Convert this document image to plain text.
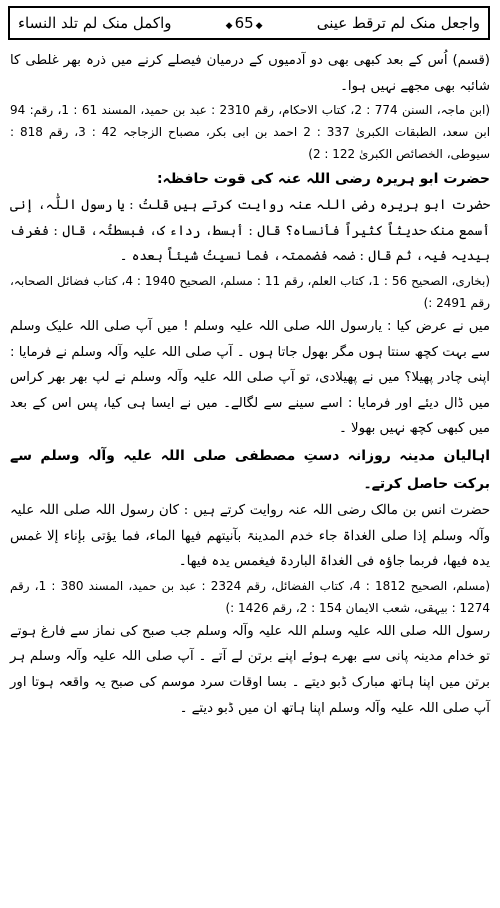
واجعل منک لم ترقط عینی
◆ 65 ◆
واکمل منک لم تلد النساء

(قسم) اُس کے بعد کبھی بھی دو آدمیوں کے درمیان فیصلے کرنے میں ذرہ بھر غلطی کا شائبہ بھی مجھے نہیں ہوا۔

(ابن ماجہ، السنن 774 : 2، کتاب الاحکام، رقم 2310 : عبد بن حمید، المسند 61 : 1، رقم: 94 ابن سعد، الطبقات الکبریٰ 337 : 2 احمد بن ابی بکر، مصباح الزجاجہ 42 : 3، رقم 818 : سیوطی، الخصائص الکبریٰ 122 : 2)

حضرت ابو ہریرہ رضی اللہ عنہ کی قوت حافظہ:

حضرت ابو ہریرہ رضی اللہ عنہ روایت کرتے ہیں قلتُ : یا رسول اللّٰہ، إنی أسمع منک حدیثاً کثیراً فأنساہ؟ قال : أبسط، رداء ک، فبسطتُہ، قال : فغرف بیدیہ فیہ، ثم قال : ضمہ فضممتہ، فما نسیتُ شیئاً بعدہ ۔

(بخاری، الصحیح 56 : 1، کتاب العلم، رقم 11 : مسلم، الصحیح 1940 : 4، کتاب فضائل الصحابہ، رقم 2491 :)

میں نے عرض کیا : یارسول اللہ صلی اللہ علیہ وسلم ! میں آپ صلی اللہ علیک وسلم سے بہت کچھ سنتا ہوں مگر بھول جاتا ہوں ۔ آپ صلی اللہ علیہ وآلہ وسلم نے فرمایا : اپنی چادر پھیلا؟ میں نے پھیلادی، تو آپ صلی اللہ علیہ وآلہ وسلم نے لپ بھر بھر کراس میں ڈال دیئے اور فرمایا : اسے سینے سے لگالے۔ میں نے ایسا ہی کیا، پس اس کے بعد میں کبھی کچھ نہیں بھولا ۔

اہالیان مدینہ روزانہ دستِ مصطفی صلی اللہ علیہ وآلہ وسلم سے برکت حاصل کرتے۔

حضرت انس بن مالک رضی اللہ عنہ روایت کرتے ہیں : کان رسول اللہ صلی اللہ علیہ وآلہ وسلم إذا صلی الغداۃ جاء خدم المدینۃ بآنیتھم فیھا الماء، فما یؤتی بإناء إلا غمس یدہ فیھا، فربما جاؤہ فی الغداۃ الباردۃ فیغمس یدہ فیھا۔

(مسلم، الصحیح 1812 : 4، کتاب الفضائل، رقم 2324 : عبد بن حمید، المسند 380 : 1، رقم 1274 : بیہقی، شعب الایمان 154 : 2، رقم 1426 :)

رسول اللہ صلی اللہ علیہ وسلم اللہ علیہ وآلہ وسلم جب صبح کی نماز سے فارغ ہوتے تو خدام مدینہ پانی سے بھرے ہوئے اپنے برتن لے آتے ۔ آپ صلی اللہ علیہ وآلہ وسلم ہر برتن میں اپنا ہاتھ مبارک ڈبو دیتے ۔ بسا اوقات سرد موسم کی صبح یہ واقعہ ہوتا اور آپ صلی اللہ علیہ وآلہ وسلم اپنا ہاتھ ان میں ڈبو دیتے ۔
